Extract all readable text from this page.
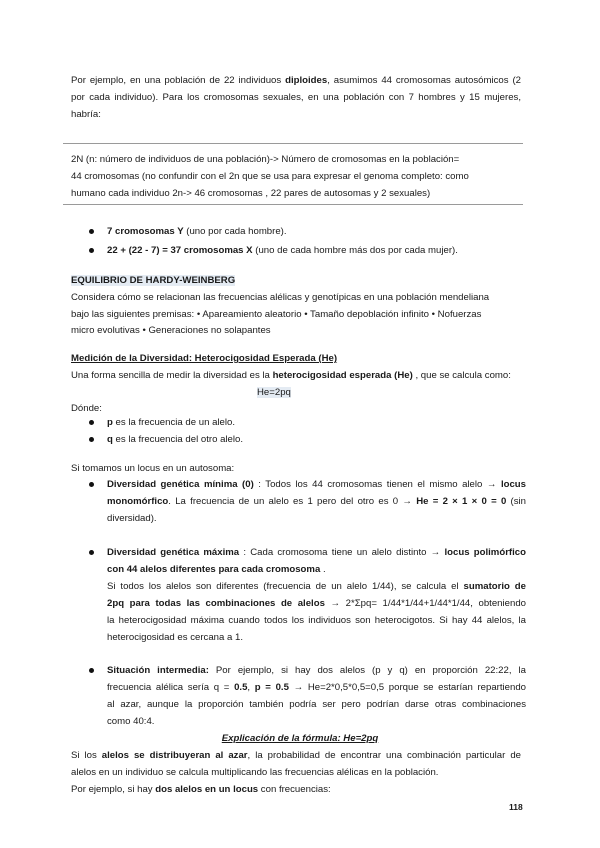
Por ejemplo, en una población de 22 individuos diploides, asumimos 44 cromosomas autosómicos (2
por cada individuo). Para los cromosomas sexuales, en una población con 7 hombres y 15 mujeres,
habría:
2N (n: número de individuos de una población)-> Número de cromosomas en la población=
44 cromosomas (no confundir con el 2n que se usa para expresar el genoma completo: como
humano cada individuo 2n-> 46 cromosomas , 22 pares de autosomas y 2 sexuales)
7 cromosomas Y (uno por cada hombre).
22 + (22 - 7) = 37 cromosomas X (uno de cada hombre más dos por cada mujer).
EQUILIBRIO DE HARDY-WEINBERG
Considera cómo se relacionan las frecuencias alélicas y genotípicas en una población mendeliana
bajo las siguientes premisas: • Apareamiento aleatorio • Tamaño depoblación infinito • Nofuerzas
micro evolutivas • Generaciones no solapantes
Medición de la Diversidad: Heterocigosidad Esperada (He)
Una forma sencilla de medir la diversidad es la heterocigosidad esperada (He) , que se calcula como:
He=2pq
Dónde:
p es la frecuencia de un alelo.
q es la frecuencia del otro alelo.
Si tomamos un locus en un autosoma:
Diversidad genética mínima (0) : Todos los 44 cromosomas tienen el mismo alelo → locus
monomórfico. La frecuencia de un alelo es 1 pero del otro es 0 → He = 2 × 1 × 0 = 0 (sin
diversidad).
Diversidad genética máxima : Cada cromosoma tiene un alelo distinto → locus polimórfico
con 44 alelos diferentes para cada cromosoma .
Si todos los alelos son diferentes (frecuencia de un alelo 1/44), se calcula el sumatorio de
2pq para todas las combinaciones de alelos → 2*Σpq= 1/44*1/44+1/44*1/44, obteniendo
la heterocigosidad máxima cuando todos los individuos son heterocigotos. Si hay 44 alelos, la
heterocigosidad es cercana a 1.
Situación intermedia: Por ejemplo, si hay dos alelos (p y q) en proporción 22:22, la
frecuencia alélica sería q = 0.5, p = 0.5 → He=2*0,5*0,5=0,5 porque se estarían repartiendo
al azar, aunque la proporción también podría ser pero podrían darse otras combinaciones
como 40:4.
Explicación de la fórmula: He=2pq
Si los alelos se distribuyeran al azar, la probabilidad de encontrar una combinación particular de
alelos en un individuo se calcula multiplicando las frecuencias alélicas en la población.
Por ejemplo, si hay dos alelos en un locus con frecuencias:
118
